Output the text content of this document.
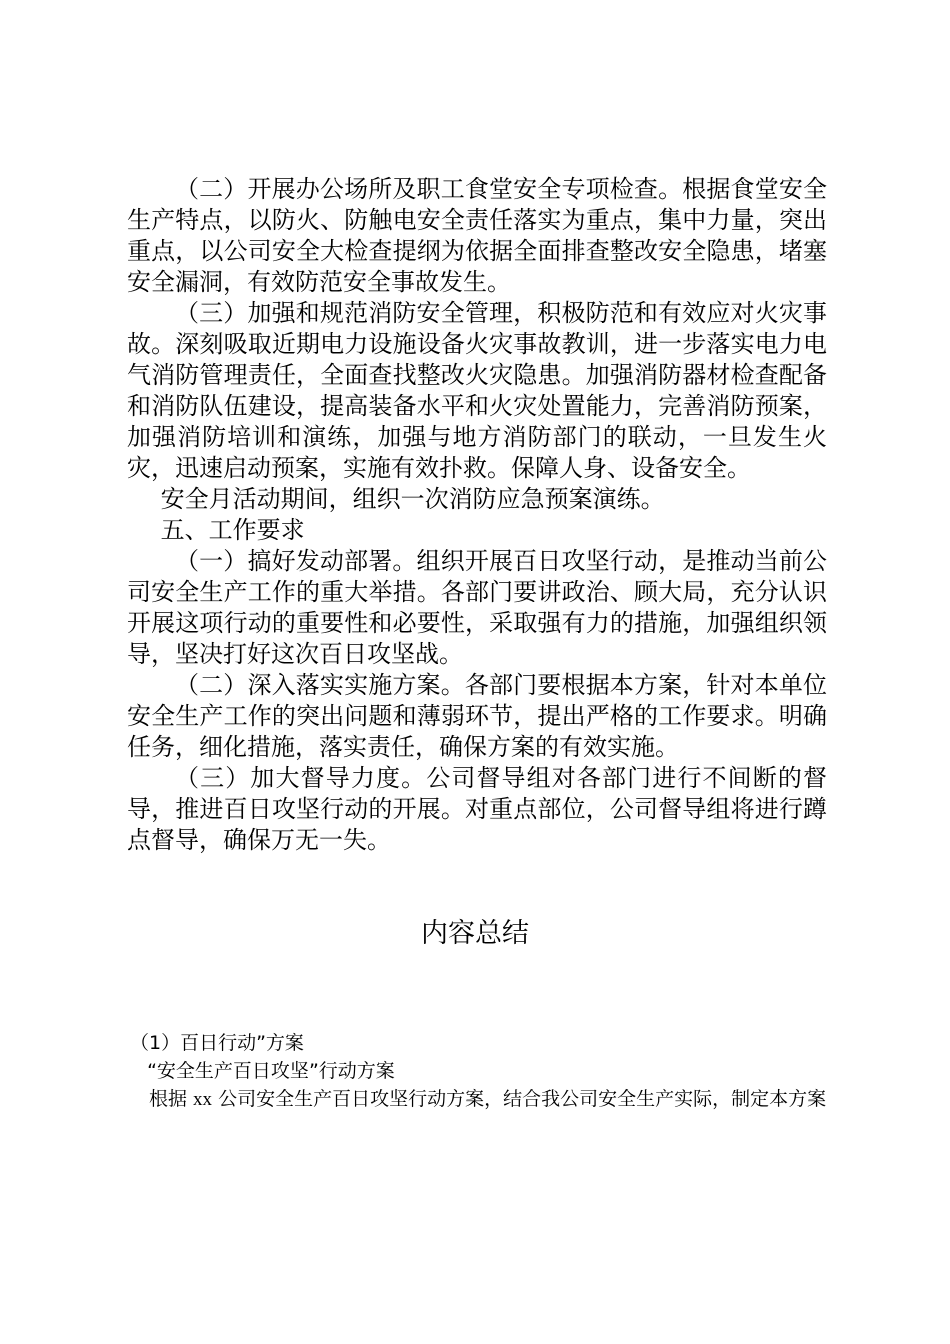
（二）开展办公场所及职工食堂安全专项检查。根据食堂安全生产特点，以防火、防触电安全责任落实为重点，集中力量，突出重点，以公司安全大检查提纲为依据全面排查整改安全隐患，堵塞安全漏洞，有效防范安全事故发生。

（三）加强和规范消防安全管理，积极防范和有效应对火灾事故。深刻吸取近期电力设施设备火灾事故教训，进一步落实电力电气消防管理责任，全面查找整改火灾隐患。加强消防器材检查配备和消防队伍建设，提高装备水平和火灾处置能力，完善消防预案，加强消防培训和演练，加强与地方消防部门的联动，一旦发生火灾，迅速启动预案，实施有效扑救。保障人身、设备安全。

安全月活动期间，组织一次消防应急预案演练。

五、工作要求

（一）搞好发动部署。组织开展百日攻坚行动，是推动当前公司安全生产工作的重大举措。各部门要讲政治、顾大局，充分认识开展这项行动的重要性和必要性，采取强有力的措施，加强组织领导，坚决打好这次百日攻坚战。

（二）深入落实实施方案。各部门要根据本方案，针对本单位安全生产工作的突出问题和薄弱环节，提出严格的工作要求。明确任务，细化措施，落实责任，确保方案的有效实施。

（三）加大督导力度。公司督导组对各部门进行不间断的督导，推进百日攻坚行动的开展。对重点部位，公司督导组将进行蹲点督导，确保万无一失。

内容总结

（1）百日行动”方案

“安全生产百日攻坚”行动方案

根据 xx 公司安全生产百日攻坚行动方案，结合我公司安全生产实际，制定本方案
